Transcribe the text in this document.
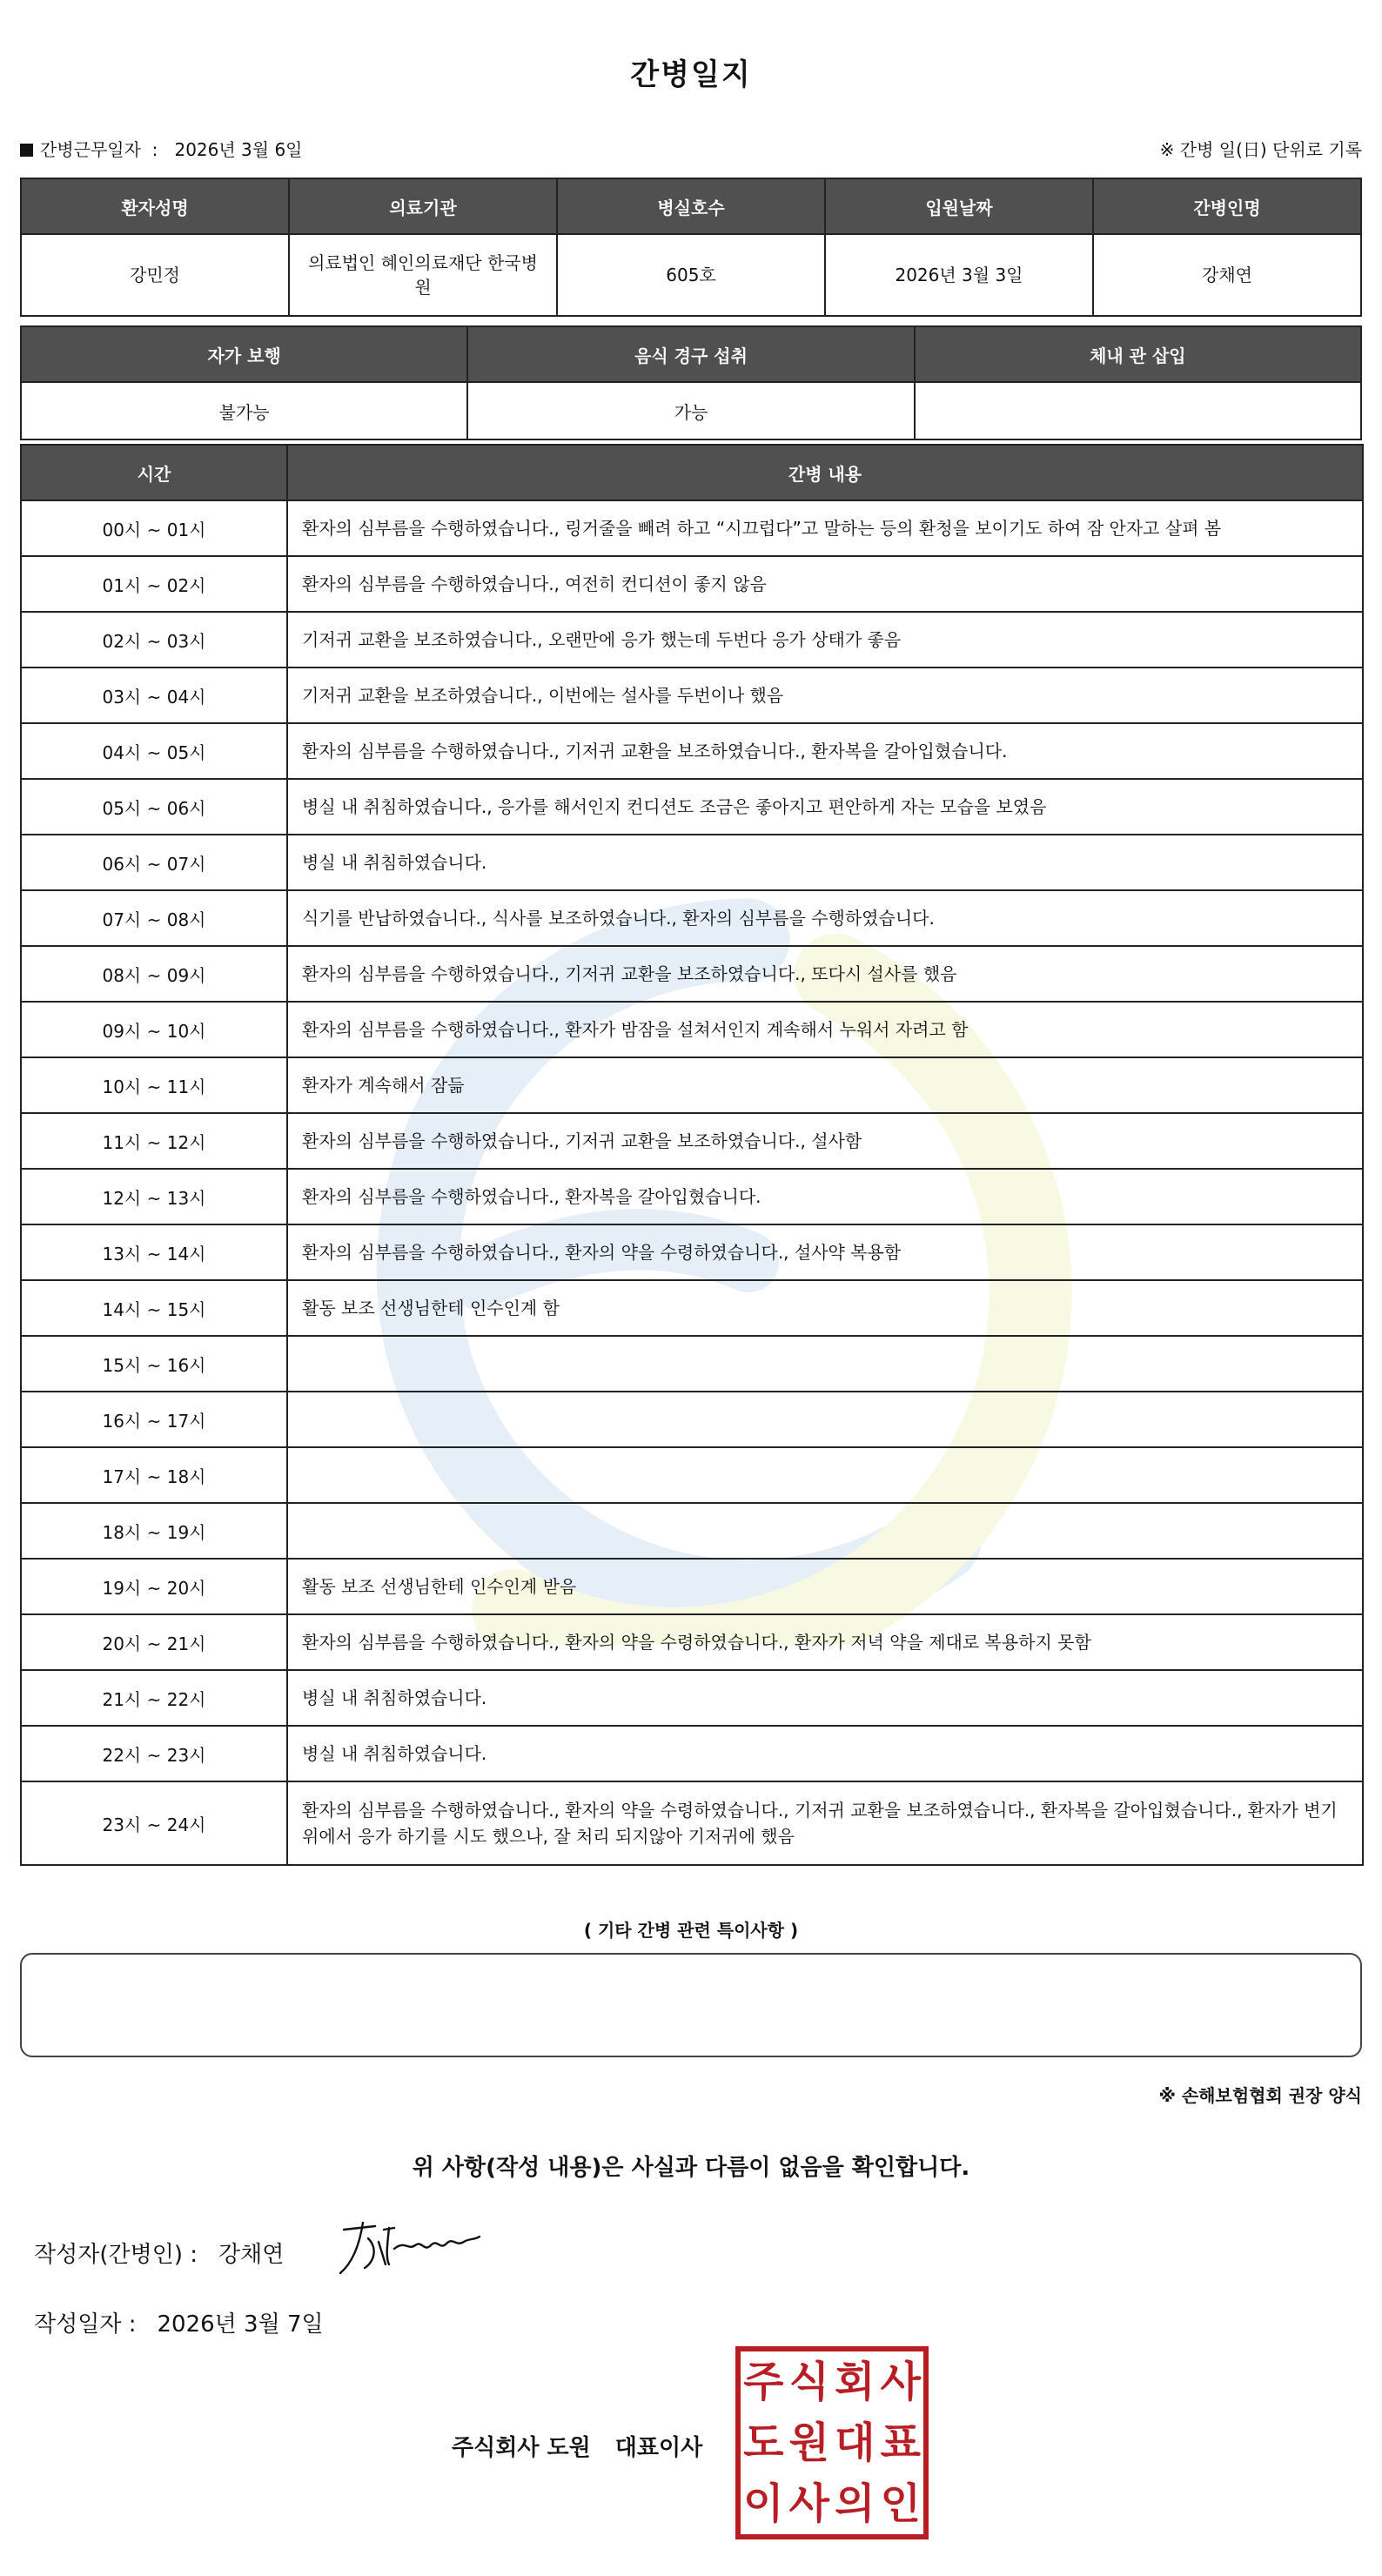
간병일지
간병근무일자 : 2026년 3월 6일	※ 간병 일(日) 단위로 기록
환자성명	의료기관	병실호수	입원날짜	간병인명
강민정	의료법인 혜인의료재단 한국병원	605호	2026년 3월 3일	강채연
자가 보행	음식 경구 섭취	체내 관 삽입
불가능	가능	
시간	간병 내용
00시 ~ 01시	환자의 심부름을 수행하였습니다., 링거줄을 빼려 하고 “시끄럽다”고 말하는 등의 환청을 보이기도 하여 잠 안자고 살펴 봄
01시 ~ 02시	환자의 심부름을 수행하였습니다., 여전히 컨디션이 좋지 않음
02시 ~ 03시	기저귀 교환을 보조하였습니다., 오랜만에 응가 했는데 두번다 응가 상태가 좋음
03시 ~ 04시	기저귀 교환을 보조하였습니다., 이번에는 설사를 두번이나 했음
04시 ~ 05시	환자의 심부름을 수행하였습니다., 기저귀 교환을 보조하였습니다., 환자복을 갈아입혔습니다.
05시 ~ 06시	병실 내 취침하였습니다., 응가를 해서인지 컨디션도 조금은 좋아지고 편안하게 자는 모습을 보였음
06시 ~ 07시	병실 내 취침하였습니다.
07시 ~ 08시	식기를 반납하였습니다., 식사를 보조하였습니다., 환자의 심부름을 수행하였습니다.
08시 ~ 09시	환자의 심부름을 수행하였습니다., 기저귀 교환을 보조하였습니다., 또다시 설사를 했음
09시 ~ 10시	환자의 심부름을 수행하였습니다., 환자가 밤잠을 설쳐서인지 계속해서 누워서 자려고 함
10시 ~ 11시	환자가 계속해서 잠듦
11시 ~ 12시	환자의 심부름을 수행하였습니다., 기저귀 교환을 보조하였습니다., 설사함
12시 ~ 13시	환자의 심부름을 수행하였습니다., 환자복을 갈아입혔습니다.
13시 ~ 14시	환자의 심부름을 수행하였습니다., 환자의 약을 수령하였습니다., 설사약 복용함
14시 ~ 15시	활동 보조 선생님한테 인수인계 함
15시 ~ 16시	
16시 ~ 17시	
17시 ~ 18시	
18시 ~ 19시	
19시 ~ 20시	활동 보조 선생님한테 인수인계 받음
20시 ~ 21시	환자의 심부름을 수행하였습니다., 환자의 약을 수령하였습니다., 환자가 저녁 약을 제대로 복용하지 못함
21시 ~ 22시	병실 내 취침하였습니다.
22시 ~ 23시	병실 내 취침하였습니다.
23시 ~ 24시	환자의 심부름을 수행하였습니다., 환자의 약을 수령하였습니다., 기저귀 교환을 보조하였습니다., 환자복을 갈아입혔습니다., 환자가 변기위에서 응가 하기를 시도 했으나, 잘 처리 되지않아 기저귀에 했음
( 기타 간병 관련 특이사항 )
※ 손해보험협회 권장 양식
위 사항(작성 내용)은 사실과 다름이 없음을 확인합니다.
작성자(간병인) : 강채연
작성일자 : 2026년 3월 7일
주식회사 도원 대표이사
주 식 회 사
도 원 대 표
이 사 의 인
